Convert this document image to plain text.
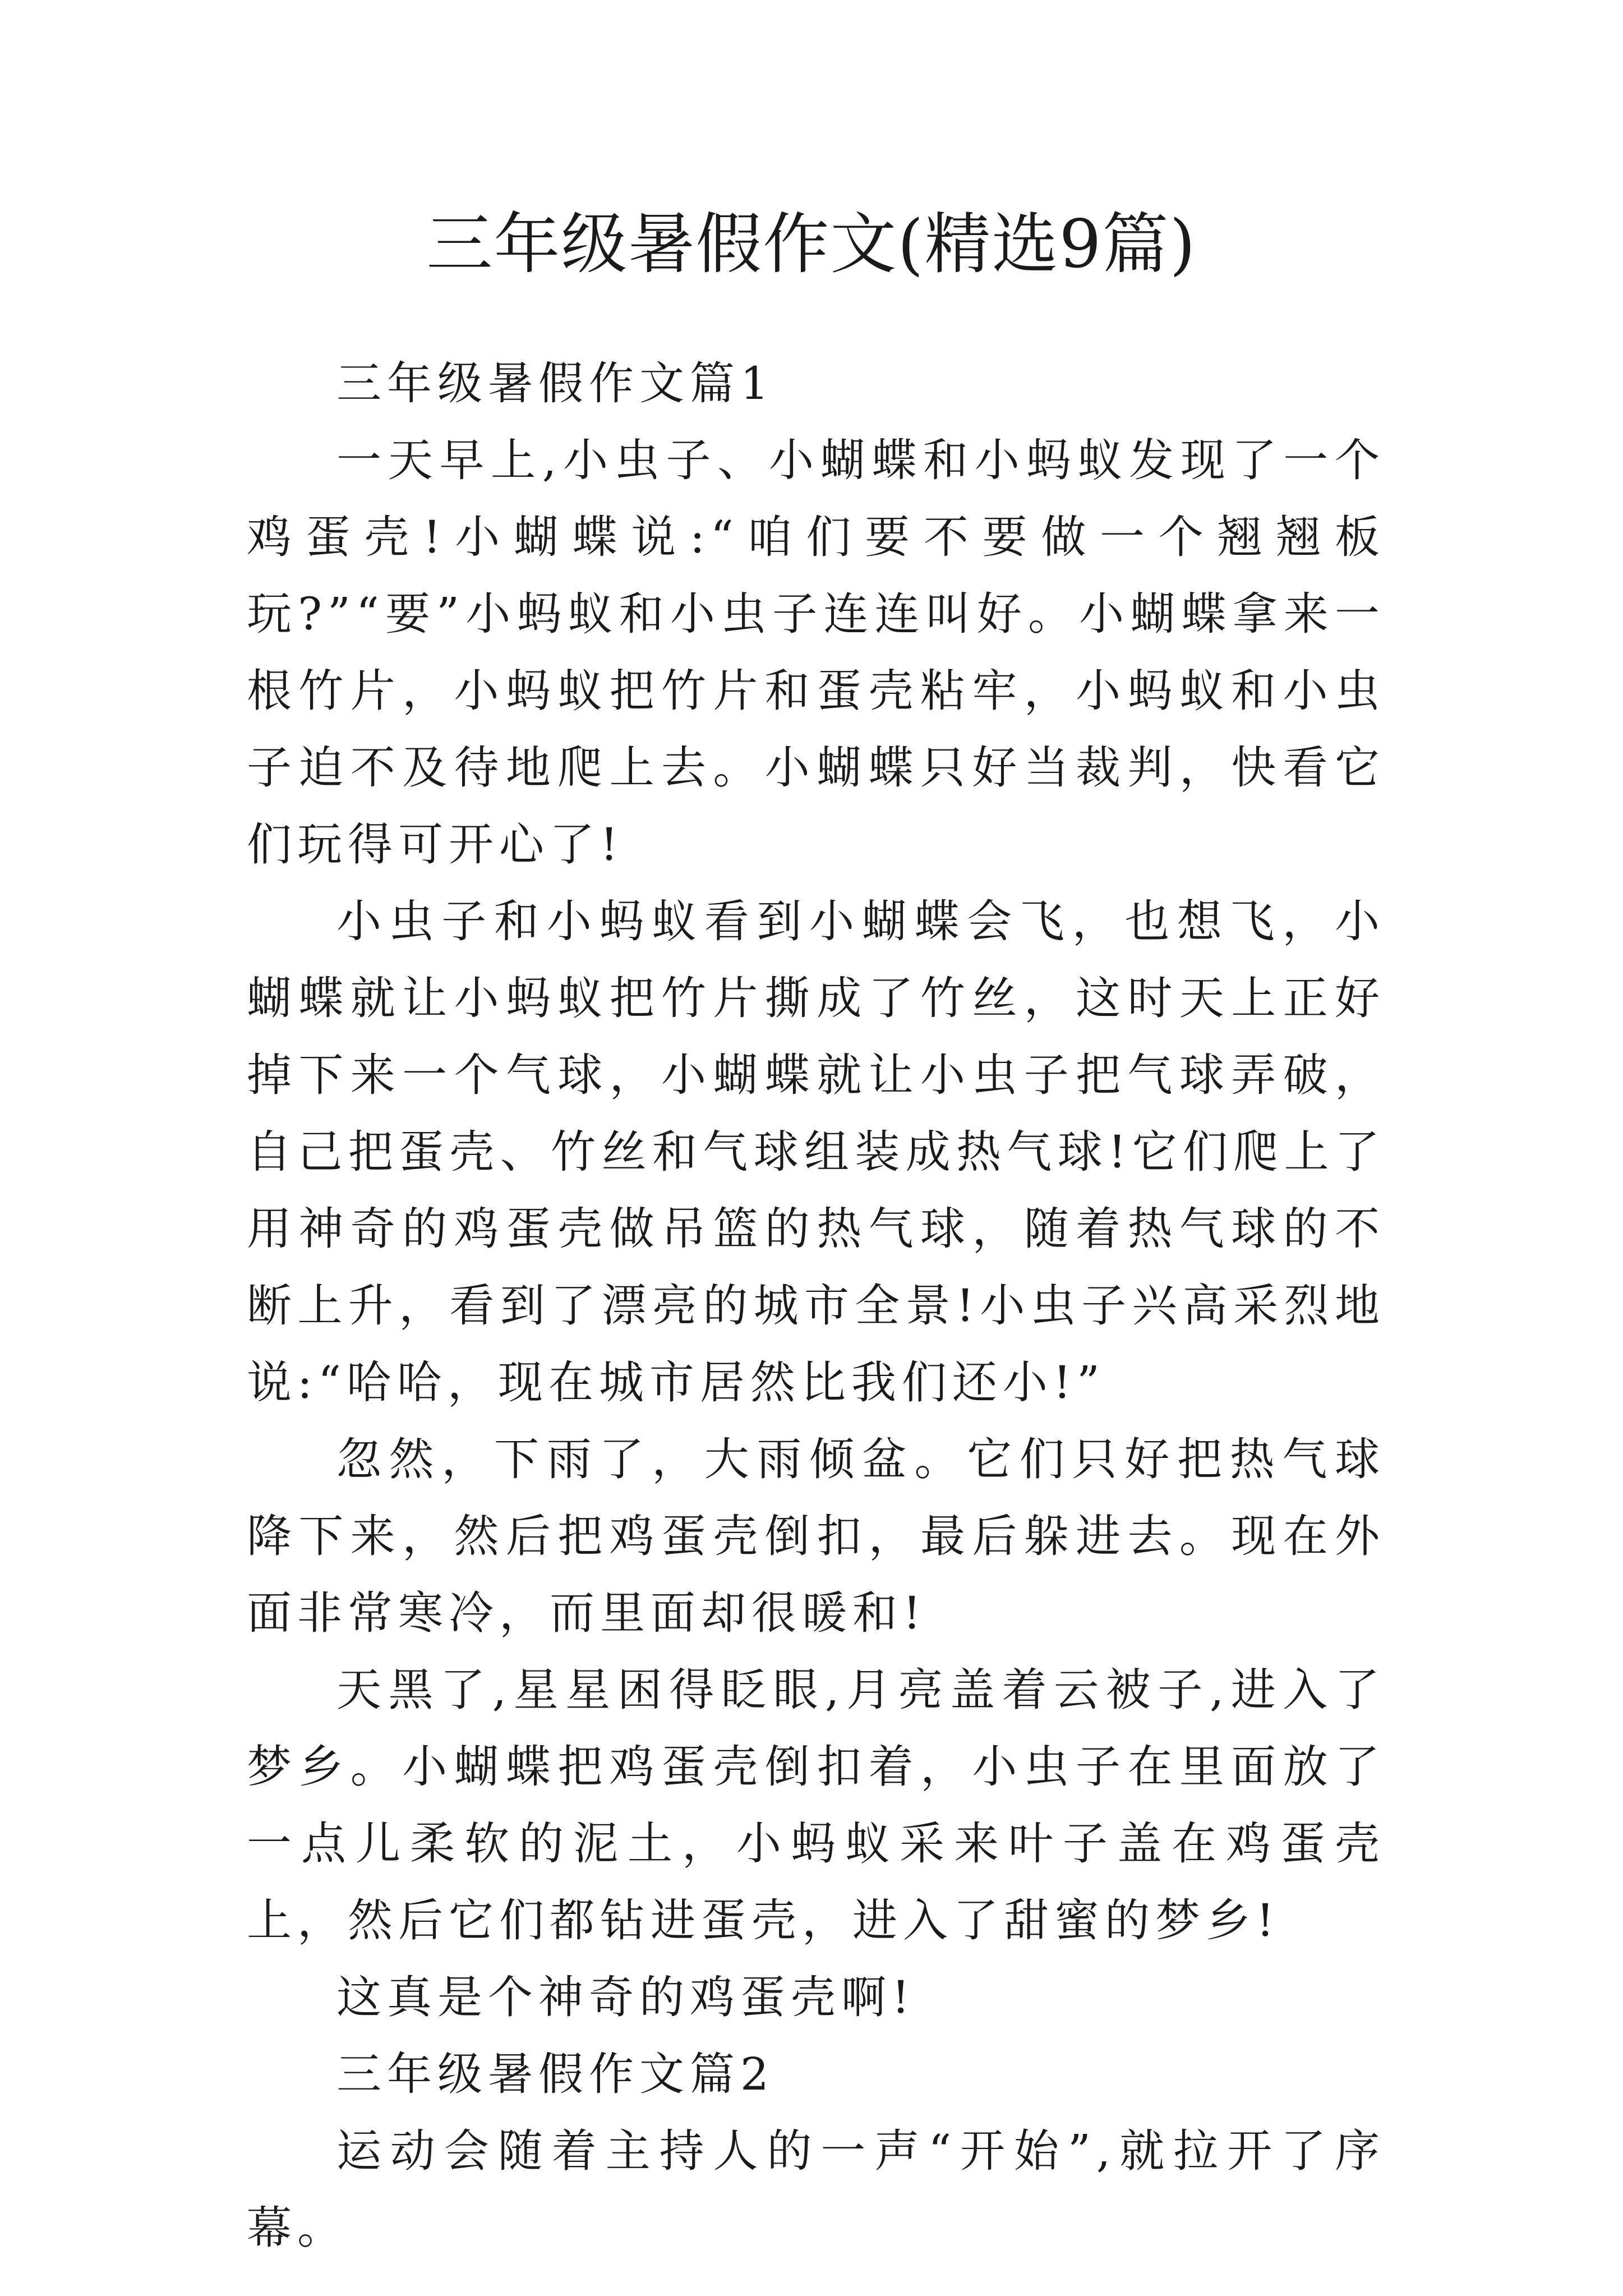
三年级暑假作文(精选9篇)

三年级暑假作文篇1

一天早上,小虫子、小蝴蝶和小蚂蚁发现了一个鸡蛋壳!小蝴蝶说:“咱们要不要做一个翘翘板玩?”“要”小蚂蚁和小虫子连连叫好。小蝴蝶拿来一根竹片，小蚂蚁把竹片和蛋壳粘牢，小蚂蚁和小虫子迫不及待地爬上去。小蝴蝶只好当裁判，快看它们玩得可开心了!

小虫子和小蚂蚁看到小蝴蝶会飞，也想飞，小蝴蝶就让小蚂蚁把竹片撕成了竹丝，这时天上正好掉下来一个气球，小蝴蝶就让小虫子把气球弄破，自己把蛋壳、竹丝和气球组装成热气球!它们爬上了用神奇的鸡蛋壳做吊篮的热气球，随着热气球的不断上升，看到了漂亮的城市全景!小虫子兴高采烈地说:“哈哈，现在城市居然比我们还小!”

忽然，下雨了，大雨倾盆。它们只好把热气球降下来，然后把鸡蛋壳倒扣，最后躲进去。现在外面非常寒冷，而里面却很暖和!

天黑了,星星困得眨眼,月亮盖着云被子,进入了梦乡。小蝴蝶把鸡蛋壳倒扣着，小虫子在里面放了一点儿柔软的泥土，小蚂蚁采来叶子盖在鸡蛋壳上，然后它们都钻进蛋壳，进入了甜蜜的梦乡!

这真是个神奇的鸡蛋壳啊!

三年级暑假作文篇2

运动会随着主持人的一声“开始”,就拉开了序幕。
